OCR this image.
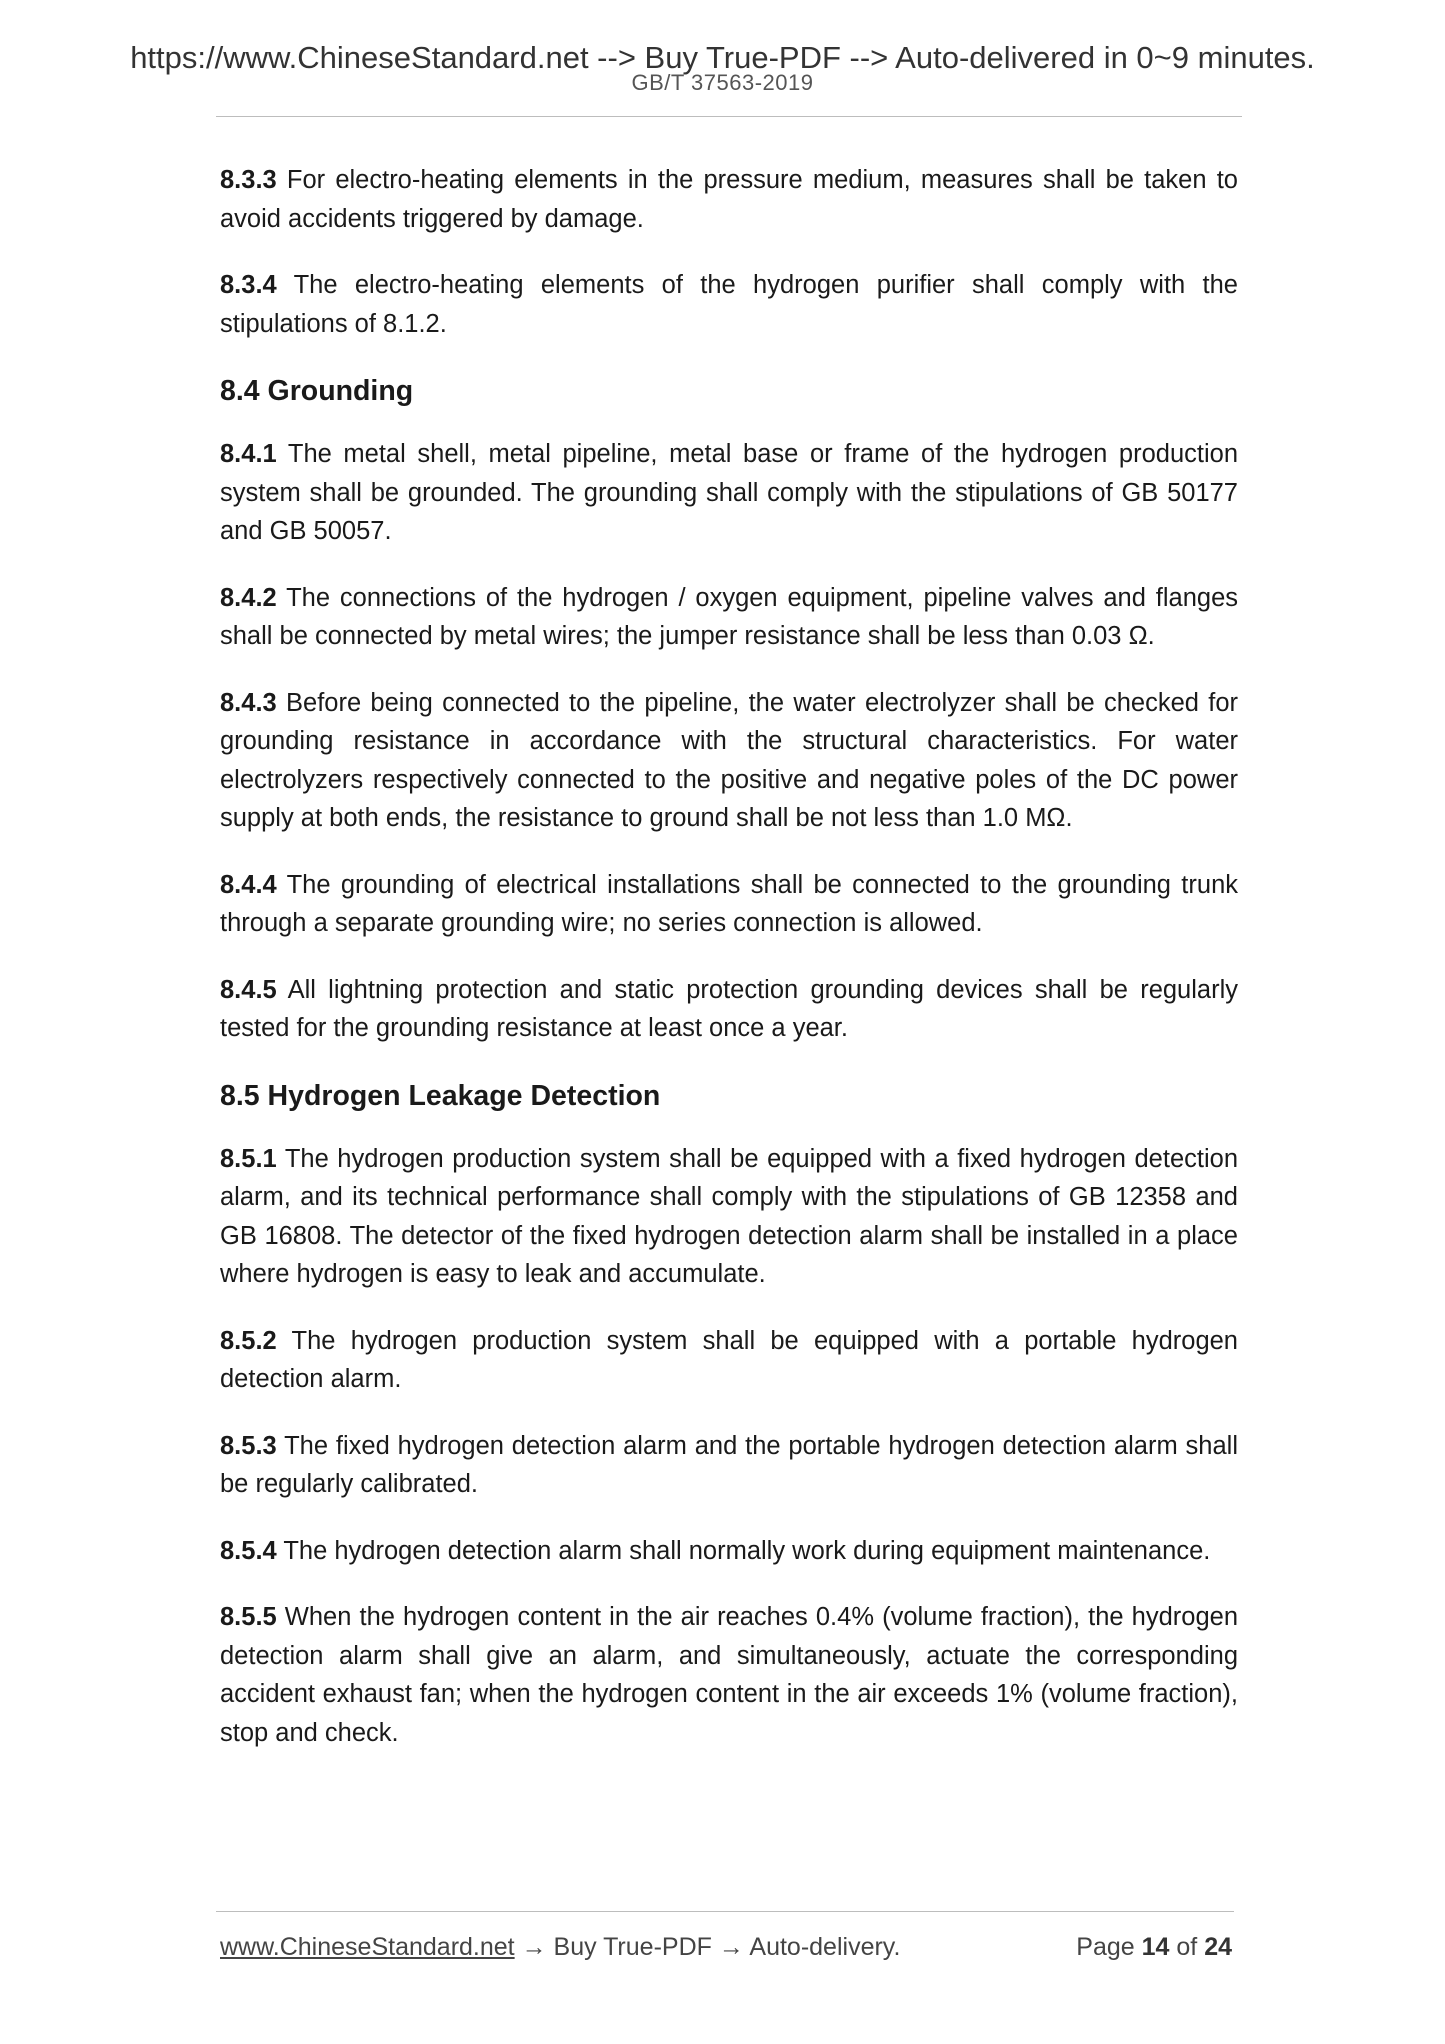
https://www.ChineseStandard.net --> Buy True-PDF --> Auto-delivered in 0~9 minutes.
GB/T 37563-2019

8.3.3 For electro-heating elements in the pressure medium, measures shall be taken to avoid accidents triggered by damage.

8.3.4 The electro-heating elements of the hydrogen purifier shall comply with the stipulations of 8.1.2.

8.4 Grounding

8.4.1 The metal shell, metal pipeline, metal base or frame of the hydrogen production system shall be grounded. The grounding shall comply with the stipulations of GB 50177 and GB 50057.

8.4.2 The connections of the hydrogen / oxygen equipment, pipeline valves and flanges shall be connected by metal wires; the jumper resistance shall be less than 0.03 Ω.

8.4.3 Before being connected to the pipeline, the water electrolyzer shall be checked for grounding resistance in accordance with the structural characteristics. For water electrolyzers respectively connected to the positive and negative poles of the DC power supply at both ends, the resistance to ground shall be not less than 1.0 MΩ.

8.4.4 The grounding of electrical installations shall be connected to the grounding trunk through a separate grounding wire; no series connection is allowed.

8.4.5 All lightning protection and static protection grounding devices shall be regularly tested for the grounding resistance at least once a year.

8.5 Hydrogen Leakage Detection

8.5.1 The hydrogen production system shall be equipped with a fixed hydrogen detection alarm, and its technical performance shall comply with the stipulations of GB 12358 and GB 16808. The detector of the fixed hydrogen detection alarm shall be installed in a place where hydrogen is easy to leak and accumulate.

8.5.2 The hydrogen production system shall be equipped with a portable hydrogen detection alarm.

8.5.3 The fixed hydrogen detection alarm and the portable hydrogen detection alarm shall be regularly calibrated.

8.5.4 The hydrogen detection alarm shall normally work during equipment maintenance.

8.5.5 When the hydrogen content in the air reaches 0.4% (volume fraction), the hydrogen detection alarm shall give an alarm, and simultaneously, actuate the corresponding accident exhaust fan; when the hydrogen content in the air exceeds 1% (volume fraction), stop and check.

www.ChineseStandard.net → Buy True-PDF → Auto-delivery.	Page 14 of 24
